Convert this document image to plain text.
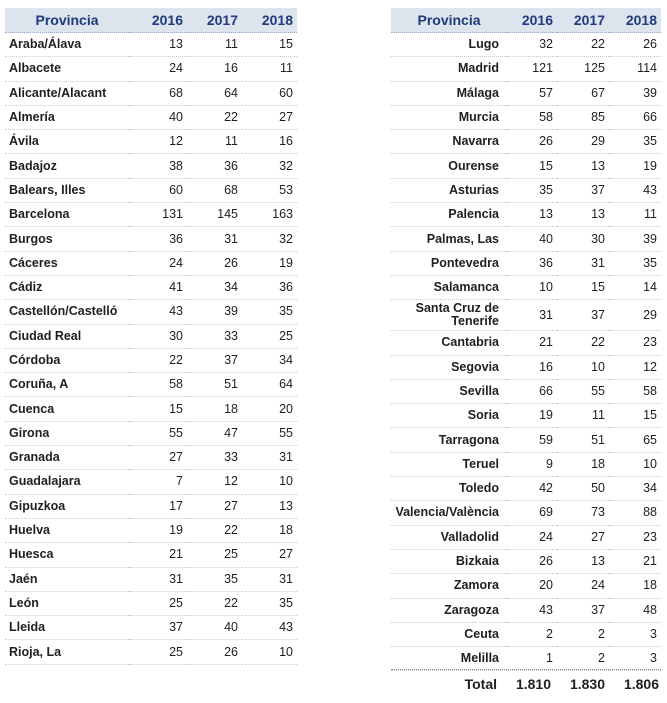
Provincia	2016	2017	2018
Araba/Álava	13	11	15
Albacete	24	16	11
Alicante/Alacant	68	64	60
Almería	40	22	27
Ávila	12	11	16
Badajoz	38	36	32
Balears, Illes	60	68	53
Barcelona	131	145	163
Burgos	36	31	32
Cáceres	24	26	19
Cádiz	41	34	36
Castellón/Castelló	43	39	35
Ciudad Real	30	33	25
Córdoba	22	37	34
Coruña, A	58	51	64
Cuenca	15	18	20
Girona	55	47	55
Granada	27	33	31
Guadalajara	7	12	10
Gipuzkoa	17	27	13
Huelva	19	22	18
Huesca	21	25	27
Jaén	31	35	31
León	25	22	35
Lleida	37	40	43
Rioja, La	25	26	10
Provincia	2016	2017	2018
Lugo	32	22	26
Madrid	121	125	114
Málaga	57	67	39
Murcia	58	85	66
Navarra	26	29	35
Ourense	15	13	19
Asturias	35	37	43
Palencia	13	13	11
Palmas, Las	40	30	39
Pontevedra	36	31	35
Salamanca	10	15	14
Santa Cruz de
Tenerife	31	37	29
Cantabria	21	22	23
Segovia	16	10	12
Sevilla	66	55	58
Soria	19	11	15
Tarragona	59	51	65
Teruel	9	18	10
Toledo	42	50	34
Valencia/València	69	73	88
Valladolid	24	27	23
Bizkaia	26	13	21
Zamora	20	24	18
Zaragoza	43	37	48
Ceuta	2	2	3
Melilla	1	2	3
Total	1.810	1.830	1.806
